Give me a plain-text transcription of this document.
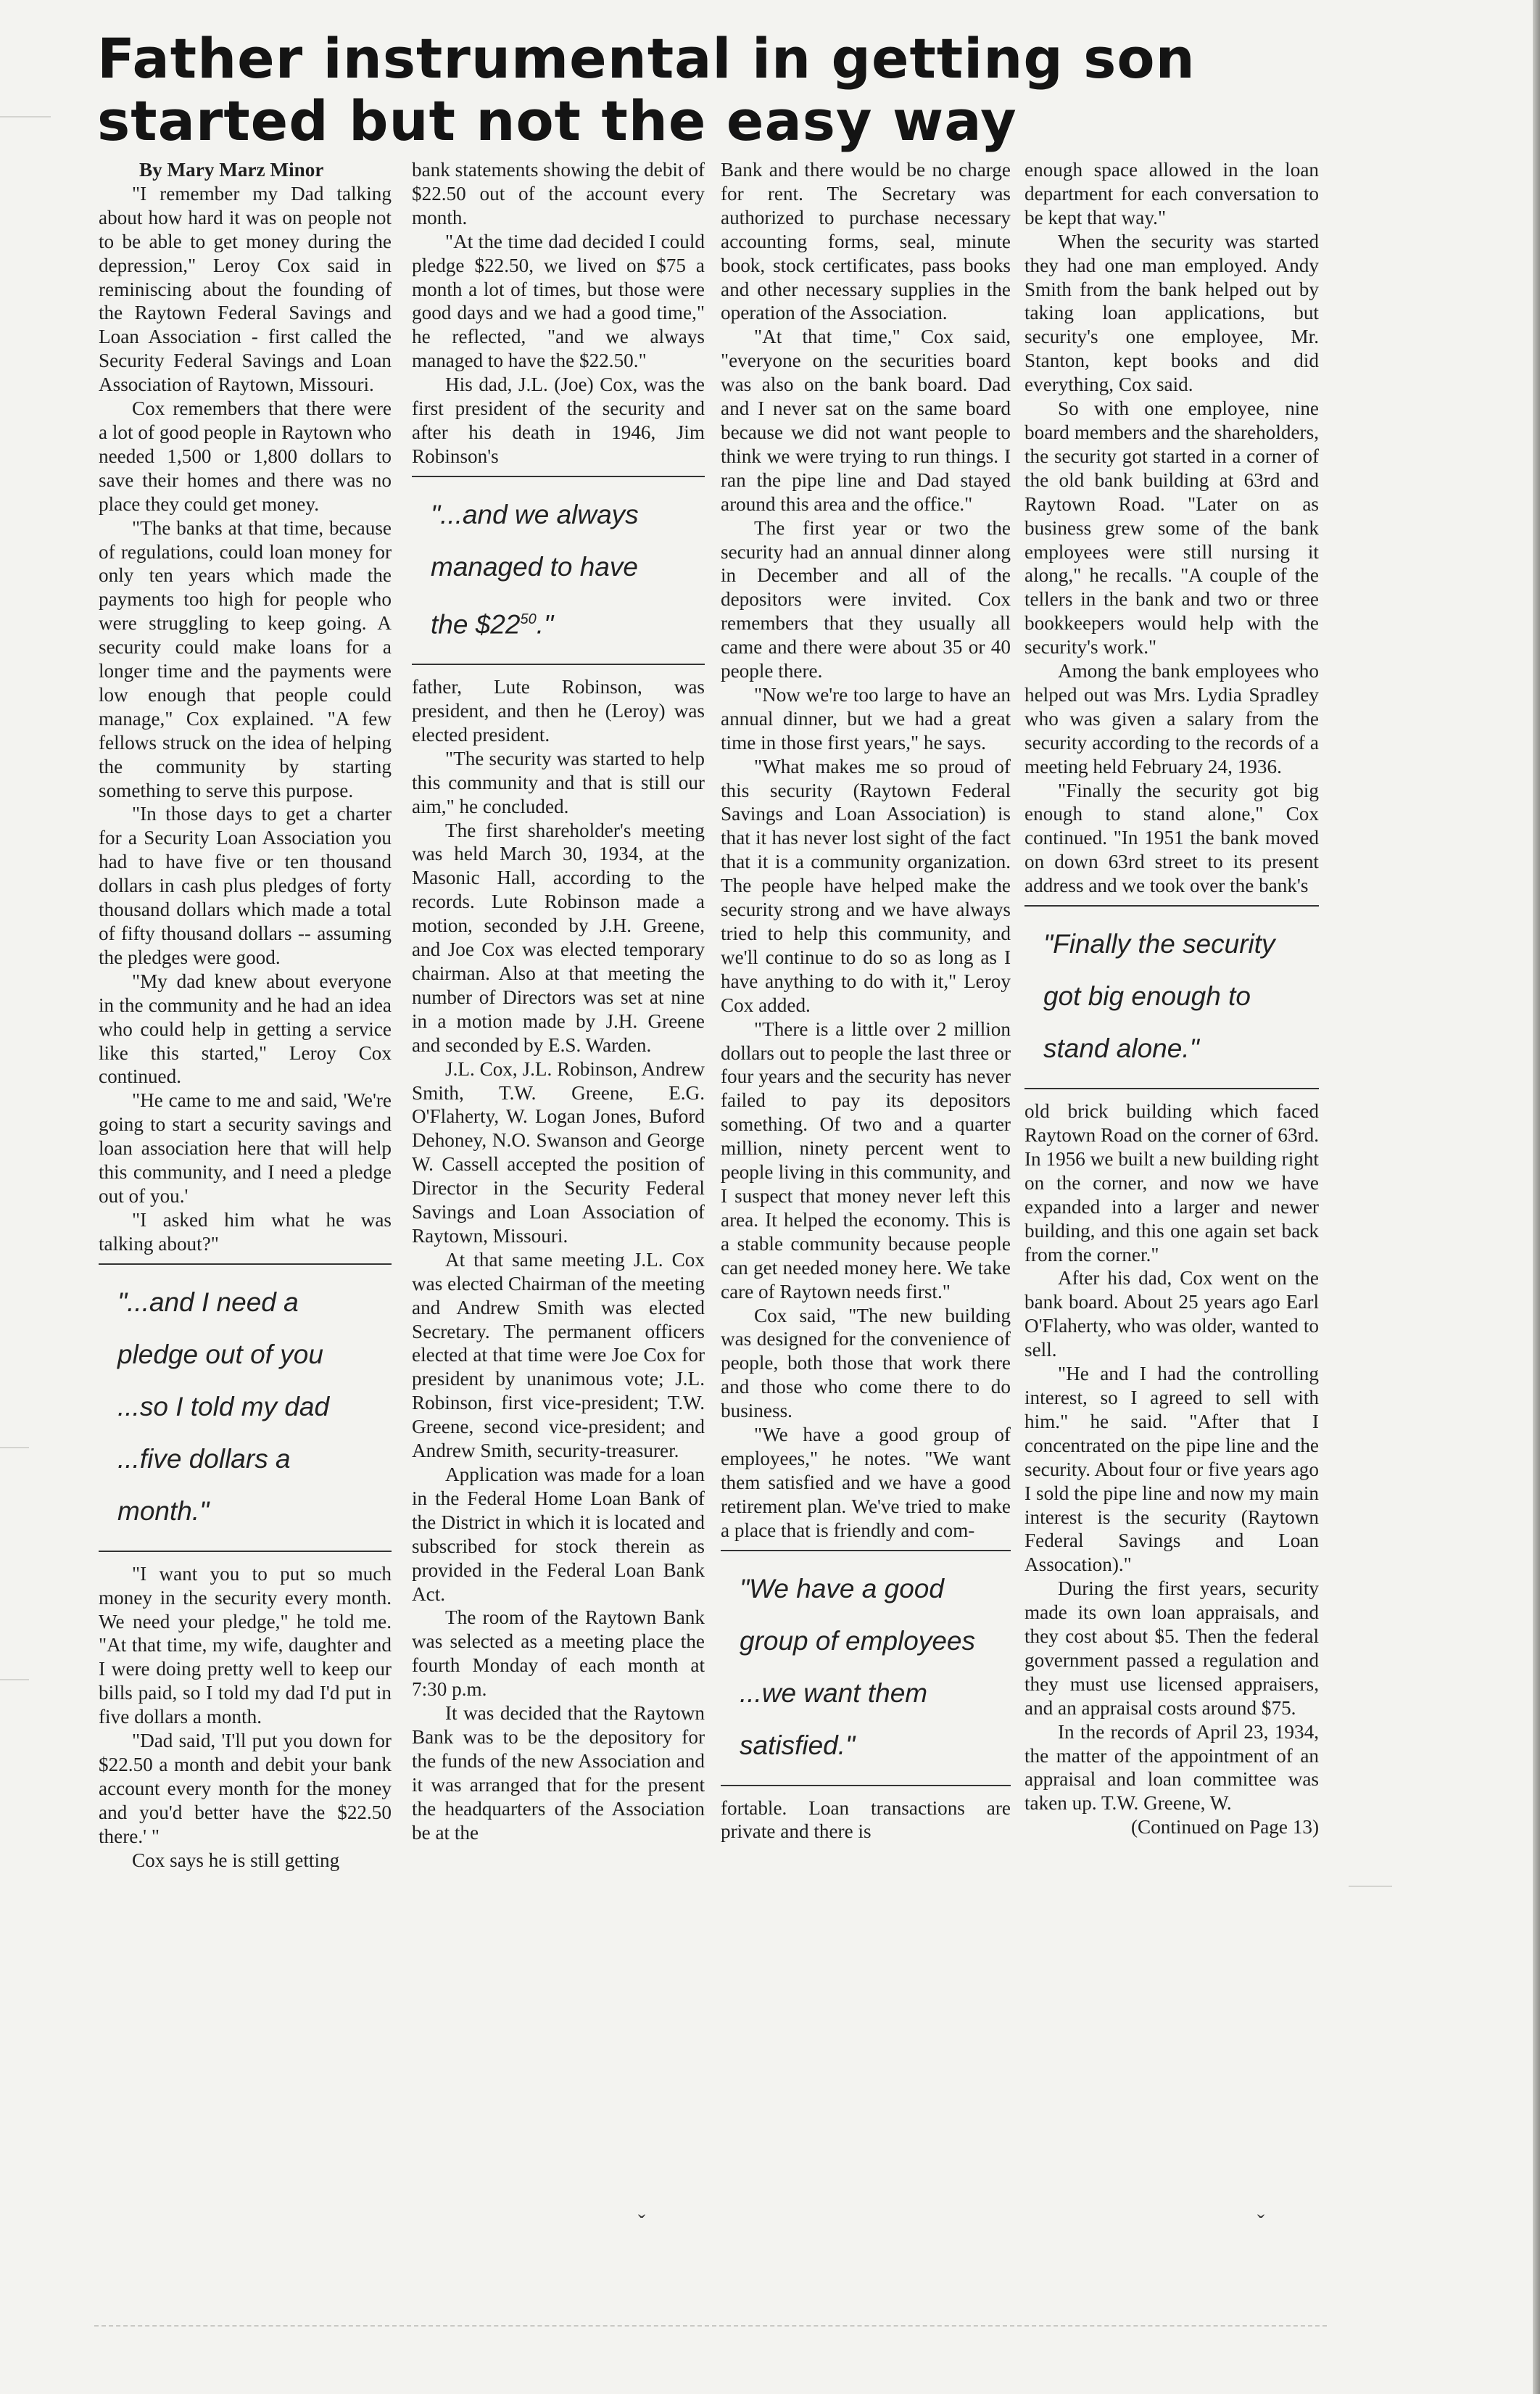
Father instrumental in getting son started but not the easy way

By Mary Marz Minor

"I remember my Dad talking about how hard it was on people not to be able to get money during the depression," Leroy Cox said in reminiscing about the founding of the Raytown Federal Savings and Loan Association - first called the Security Federal Savings and Loan Association of Raytown, Missouri.

Cox remembers that there were a lot of good people in Raytown who needed 1,500 or 1,800 dollars to save their homes and there was no place they could get money.

"The banks at that time, because of regulations, could loan money for only ten years which made the payments too high for people who were struggling to keep going. A security could make loans for a longer time and the payments were low enough that people could manage," Cox explained. "A few fellows struck on the idea of helping the community by starting something to serve this purpose.

"In those days to get a charter for a Security Loan Association you had to have five or ten thousand dollars in cash plus pledges of forty thousand dollars which made a total of fifty thousand dollars -- assuming the pledges were good.

"My dad knew about everyone in the community and he had an idea who could help in getting a service like this started," Leroy Cox continued.

"He came to me and said, 'We're going to start a security savings and loan association here that will help this community, and I need a pledge out of you.'

"I asked him what he was talking about?"

"...and I need a
pledge out of you
...so I told my dad
...five dollars a
month."

"I want you to put so much money in the security every month. We need your pledge," he told me. "At that time, my wife, daughter and I were doing pretty well to keep our bills paid, so I told my dad I'd put in five dollars a month.

"Dad said, 'I'll put you down for $22.50 a month and debit your bank account every month for the money and you'd better have the $22.50 there.' "

Cox says he is still getting

bank statements showing the debit of $22.50 out of the account every month.

"At the time dad decided I could pledge $22.50, we lived on $75 a month a lot of times, but those were good days and we had a good time," he reflected, "and we always managed to have the $22.50."

His dad, J.L. (Joe) Cox, was the first president of the security and after his death in 1946, Jim Robinson's

"...and we always
managed to have
the $\$22^{50}$."

father, Lute Robinson, was president, and then he (Leroy) was elected president.

"The security was started to help this community and that is still our aim," he concluded.

The first shareholder's meeting was held March 30, 1934, at the Masonic Hall, according to the records. Lute Robinson made a motion, seconded by J.H. Greene, and Joe Cox was elected temporary chairman. Also at that meeting the number of Directors was set at nine in a motion made by J.H. Greene and seconded by E.S. Warden.

J.L. Cox, J.L. Robinson, Andrew Smith, T.W. Greene, E.G. O'Flaherty, W. Logan Jones, Buford Dehoney, N.O. Swanson and George W. Cassell accepted the position of Director in the Security Federal Savings and Loan Association of Raytown, Missouri.

At that same meeting J.L. Cox was elected Chairman of the meeting and Andrew Smith was elected Secretary. The permanent officers elected at that time were Joe Cox for president by unanimous vote; J.L. Robinson, first vice-president; T.W. Greene, second vice-president; and Andrew Smith, security-treasurer.

Application was made for a loan in the Federal Home Loan Bank of the District in which it is located and subscribed for stock therein as provided in the Federal Loan Bank Act.

The room of the Raytown Bank was selected as a meeting place the fourth Monday of each month at 7:30 p.m.

It was decided that the Raytown Bank was to be the depository for the funds of the new Association and it was arranged that for the present the headquarters of the Association be at the

Bank and there would be no charge for rent. The Secretary was authorized to purchase necessary accounting forms, seal, minute book, stock certificates, pass books and other necessary supplies in the operation of the Association.

"At that time," Cox said, "everyone on the securities board was also on the bank board. Dad and I never sat on the same board because we did not want people to think we were trying to run things. I ran the pipe line and Dad stayed around this area and the office."

The first year or two the security had an annual dinner along in December and all of the depositors were invited. Cox remembers that they usually all came and there were about 35 or 40 people there.

"Now we're too large to have an annual dinner, but we had a great time in those first years," he says.

"What makes me so proud of this security (Raytown Federal Savings and Loan Association) is that it has never lost sight of the fact that it is a community organization. The people have helped make the security strong and we have always tried to help this community, and we'll continue to do so as long as I have anything to do with it," Leroy Cox added.

"There is a little over 2 million dollars out to people the last three or four years and the security has never failed to pay its depositors something. Of two and a quarter million, ninety percent went to people living in this community, and I suspect that money never left this area. It helped the economy. This is a stable community because people can get needed money here. We take care of Raytown needs first."

Cox said, "The new building was designed for the convenience of people, both those that work there and those who come there to do business.

"We have a good group of employees," he notes. "We want them satisfied and we have a good retirement plan. We've tried to make a place that is friendly and com-

"We have a good
group of employees
...we want them
satisfied."

fortable. Loan transactions are private and there is

enough space allowed in the loan department for each conversation to be kept that way."

When the security was started they had one man employed. Andy Smith from the bank helped out by taking loan applications, but security's one employee, Mr. Stanton, kept books and did everything, Cox said.

So with one employee, nine board members and the shareholders, the security got started in a corner of the old bank building at 63rd and Raytown Road. "Later on as business grew some of the bank employees were still nursing it along," he recalls. "A couple of the tellers in the bank and two or three bookkeepers would help with the security's work."

Among the bank employees who helped out was Mrs. Lydia Spradley who was given a salary from the security according to the records of a meeting held February 24, 1936.

"Finally the security got big enough to stand alone," Cox continued. "In 1951 the bank moved on down 63rd street to its present address and we took over the bank's

"Finally the security
got big enough to
stand alone."

old brick building which faced Raytown Road on the corner of 63rd. In 1956 we built a new building right on the corner, and now we have expanded into a larger and newer building, and this one again set back from the corner."

After his dad, Cox went on the bank board. About 25 years ago Earl O'Flaherty, who was older, wanted to sell.

"He and I had the controlling interest, so I agreed to sell with him." he said. "After that I concentrated on the pipe line and the security. About four or five years ago I sold the pipe line and now my main interest is the security (Raytown Federal Savings and Loan Assocation)."

During the first years, security made its own loan appraisals, and they cost about $5. Then the federal government passed a regulation and they must use licensed appraisers, and an appraisal costs around $75.

In the records of April 23, 1934, the matter of the appointment of an appraisal and loan committee was taken up. T.W. Greene, W.

(Continued on Page 13)

ˇ	ˇ
